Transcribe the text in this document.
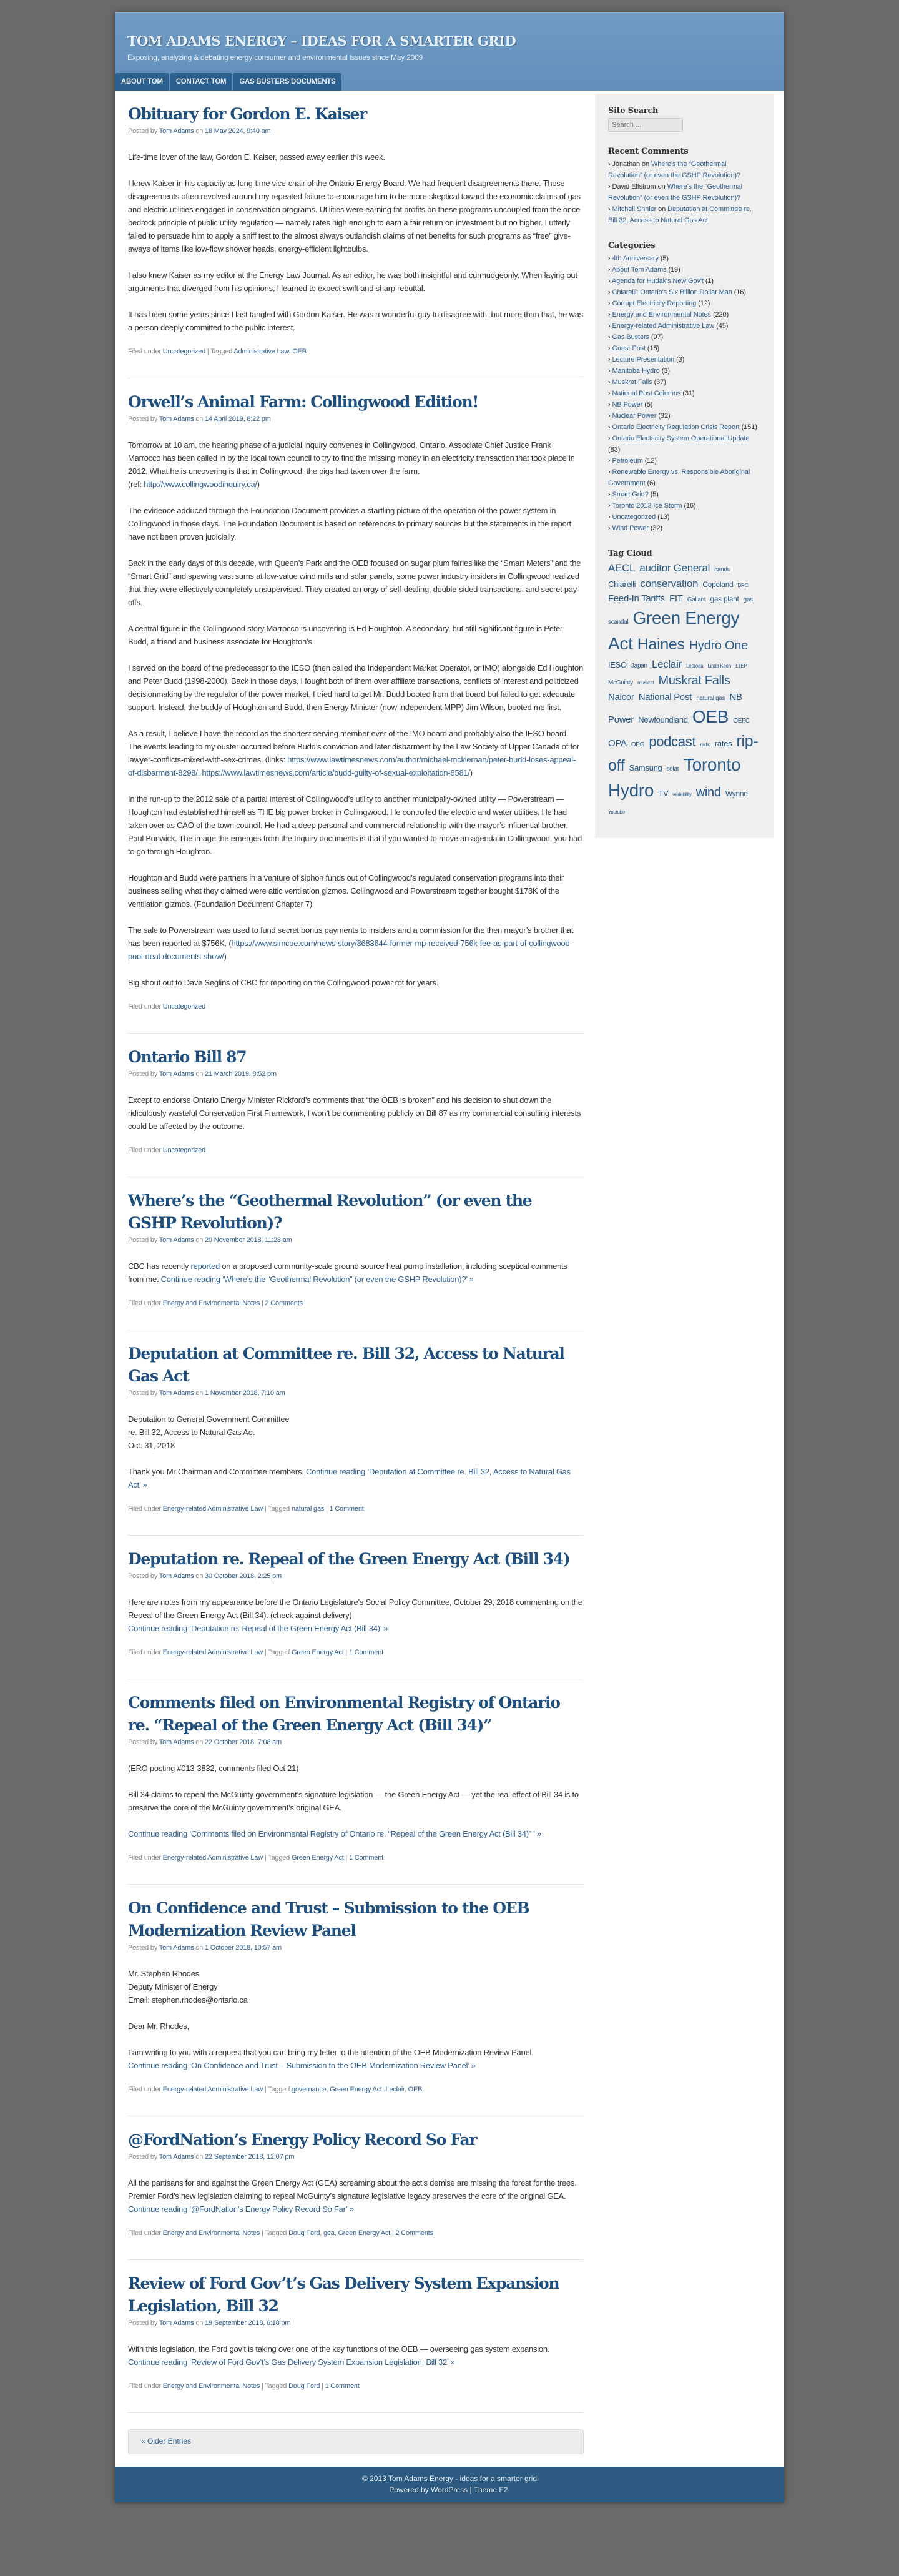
TOM ADAMS ENERGY – IDEAS FOR A SMARTER GRID
Exposing, analyzing & debating energy consumer and environmental issues since May 2009
ABOUT TOM	CONTACT TOM	GAS BUSTERS DOCUMENTS
Obituary for Gordon E. Kaiser
Posted by Tom Adams on 18 May 2024, 9:40 am

Life-time lover of the law, Gordon E. Kaiser, passed away earlier this week.

I knew Kaiser in his capacity as long-time vice-chair of the Ontario Energy Board. We had frequent disagreements there. Those disagreements often revolved around my repeated failure to encourage him to be more skeptical toward the economic claims of gas and electric utilities engaged in conservation programs. Utilities were earning fat profits on these programs uncoupled from the once bedrock principle of public utility regulation — namely rates high enough to earn a fair return on investment but no higher. I utterly failed to persuade him to apply a sniff test to the almost always outlandish claims of net benefits for such programs as “free” give-aways of items like low-flow shower heads, energy-efficient lightbulbs.

I also knew Kaiser as my editor at the Energy Law Journal. As an editor, he was both insightful and curmudgeonly. When laying out arguments that diverged from his opinions, I learned to expect swift and sharp rebuttal.

It has been some years since I last tangled with Gordon Kaiser. He was a wonderful guy to disagree with, but more than that, he was a person deeply committed to the public interest.

Filed under Uncategorized | Tagged Administrative Law, OEB
Orwell’s Animal Farm: Collingwood Edition!
Posted by Tom Adams on 14 April 2019, 8:22 pm

Tomorrow at 10 am, the hearing phase of a judicial inquiry convenes in Collingwood, Ontario. Associate Chief Justice Frank Marrocco has been called in by the local town council to try to find the missing money in an electricity transaction that took place in 2012. What he is uncovering is that in Collingwood, the pigs had taken over the farm.
(ref: http://www.collingwoodinquiry.ca/)

The evidence adduced through the Foundation Document provides a startling picture of the operation of the power system in Collingwood in those days. The Foundation Document is based on references to primary sources but the statements in the report have not been proven judicially.

Back in the early days of this decade, with Queen’s Park and the OEB focused on sugar plum fairies like the “Smart Meters” and the “Smart Grid” and spewing vast sums at low-value wind mills and solar panels, some power industry insiders in Collingwood realized that they were effectively completely unsupervised. They created an orgy of self-dealing, double-sided transactions, and secret pay-offs.

A central figure in the Collingwood story Marrocco is uncovering is Ed Houghton. A secondary, but still significant figure is Peter Budd, a friend and business associate for Houghton’s.

I served on the board of the predecessor to the IESO (then called the Independent Market Operator, or IMO) alongside Ed Houghton and Peter Budd (1998-2000). Back in those days, I fought both of them over affiliate transactions, conflicts of interest and politicized decisionmaking by the regulator of the power market. I tried hard to get Mr. Budd booted from that board but failed to get adequate support. Instead, the buddy of Houghton and Budd, then Energy Minister (now independent MPP) Jim Wilson, booted me first.

As a result, I believe I have the record as the shortest serving member ever of the IMO board and probably also the IESO board.
The events leading to my ouster occurred before Budd’s conviction and later disbarment by the Law Society of Upper Canada of for lawyer-conflicts-mixed-with-sex-crimes. (links: https://www.lawtimesnews.com/author/michael-mckiernan/peter-budd-loses-appeal-of-disbarment-8298/, https://www.lawtimesnews.com/article/budd-guilty-of-sexual-exploitation-8581/)

In the run-up to the 2012 sale of a partial interest of Collingwood’s utility to another municipally-owned utility — Powerstream — Houghton had established himself as THE big power broker in Collingwood. He controlled the electric and water utilities. He had taken over as CAO of the town council. He had a deep personal and commercial relationship with the mayor’s influential brother, Paul Bonwick. The image the emerges from the Inquiry documents is that if you wanted to move an agenda in Collingwood, you had to go through Houghton.

Houghton and Budd were partners in a venture of siphon funds out of Collingwood’s regulated conservation programs into their business selling what they claimed were attic ventilation gizmos. Collingwood and Powerstream together bought $178K of the ventilation gizmos. (Foundation Document Chapter 7)

The sale to Powerstream was used to fund secret bonus payments to insiders and a commission for the then mayor’s brother that has been reported at $756K. (https://www.simcoe.com/news-story/8683644-former-mp-received-756k-fee-as-part-of-collingwood-pool-deal-documents-show/)

Big shout out to Dave Seglins of CBC for reporting on the Collingwood power rot for years.

Filed under Uncategorized
Ontario Bill 87
Posted by Tom Adams on 21 March 2019, 8:52 pm

Except to endorse Ontario Energy Minister Rickford’s comments that “the OEB is broken” and his decision to shut down the ridiculously wasteful Conservation First Framework, I won’t be commenting publicly on Bill 87 as my commercial consulting interests could be affected by the outcome.

Filed under Uncategorized
Where’s the “Geothermal Revolution” (or even the GSHP Revolution)?
Posted by Tom Adams on 20 November 2018, 11:28 am

CBC has recently reported on a proposed community-scale ground source heat pump installation, including sceptical comments from me. Continue reading ‘Where’s the “Geothermal Revolution” (or even the GSHP Revolution)?’ »

Filed under Energy and Environmental Notes | 2 Comments
Deputation at Committee re. Bill 32, Access to Natural Gas Act
Posted by Tom Adams on 1 November 2018, 7:10 am

Deputation to General Government Committee
re. Bill 32, Access to Natural Gas Act
Oct. 31, 2018

Thank you Mr Chairman and Committee members. Continue reading ‘Deputation at Committee re. Bill 32, Access to Natural Gas Act’ »

Filed under Energy-related Administrative Law | Tagged natural gas | 1 Comment
Deputation re. Repeal of the Green Energy Act (Bill 34)
Posted by Tom Adams on 30 October 2018, 2:25 pm

Here are notes from my appearance before the Ontario Legislature’s Social Policy Committee, October 29, 2018 commenting on the Repeal of the Green Energy Act (Bill 34). (check against delivery)
Continue reading ‘Deputation re. Repeal of the Green Energy Act (Bill 34)’ »

Filed under Energy-related Administrative Law | Tagged Green Energy Act | 1 Comment
Comments filed on Environmental Registry of Ontario re. “Repeal of the Green Energy Act (Bill 34)”
Posted by Tom Adams on 22 October 2018, 7:08 am

(ERO posting #013-3832, comments filed Oct 21)

Bill 34 claims to repeal the McGuinty government’s signature legislation — the Green Energy Act — yet the real effect of Bill 34 is to preserve the core of the McGuinty government’s original GEA.

Continue reading ‘Comments filed on Environmental Registry of Ontario re. “Repeal of the Green Energy Act (Bill 34)” ’ »

Filed under Energy-related Administrative Law | Tagged Green Energy Act | 1 Comment
On Confidence and Trust – Submission to the OEB Modernization Review Panel
Posted by Tom Adams on 1 October 2018, 10:57 am

Mr. Stephen Rhodes
Deputy Minister of Energy
Email: stephen.rhodes@ontario.ca

Dear Mr. Rhodes,

I am writing to you with a request that you can bring my letter to the attention of the OEB Modernization Review Panel.
Continue reading ‘On Confidence and Trust – Submission to the OEB Modernization Review Panel’ »

Filed under Energy-related Administrative Law | Tagged governance, Green Energy Act, Leclair, OEB
@FordNation’s Energy Policy Record So Far
Posted by Tom Adams on 22 September 2018, 12:07 pm

All the partisans for and against the Green Energy Act (GEA) screaming about the act’s demise are missing the forest for the trees. Premier Ford’s new legislation claiming to repeal McGuinty’s signature legislative legacy preserves the core of the original GEA. Continue reading ‘@FordNation’s Energy Policy Record So Far’ »

Filed under Energy and Environmental Notes | Tagged Doug Ford, gea, Green Energy Act | 2 Comments
Review of Ford Gov’t’s Gas Delivery System Expansion Legislation, Bill 32
Posted by Tom Adams on 19 September 2018, 6:18 pm

With this legislation, the Ford gov’t is taking over one of the key functions of the OEB — overseeing gas system expansion.
Continue reading ‘Review of Ford Gov’t’s Gas Delivery System Expansion Legislation, Bill 32’ »

Filed under Energy and Environmental Notes | Tagged Doug Ford | 1 Comment
« Older Entries
Site Search
Search ...
Recent Comments
› Jonathan on Where’s the “Geothermal Revolution” (or even the GSHP Revolution)?
› David Elfstrom on Where’s the “Geothermal Revolution” (or even the GSHP Revolution)?
› Mitchell Shnier on Deputation at Committee re. Bill 32, Access to Natural Gas Act
Categories
› 4th Anniversary (5)
› About Tom Adams (19)
› Agenda for Hudak's New Gov't (1)
› Chiarelli: Ontario's Six Billion Dollar Man (16)
› Corrupt Electricity Reporting (12)
› Energy and Environmental Notes (220)
› Energy-related Administrative Law (45)
› Gas Busters (97)
› Guest Post (15)
› Lecture Presentation (3)
› Manitoba Hydro (3)
› Muskrat Falls (37)
› National Post Columns (31)
› NB Power (5)
› Nuclear Power (32)
› Ontario Electricity Regulation Crisis Report (151)
› Ontario Electricity System Operational Update (83)
› Petroleum (12)
› Renewable Energy vs. Responsible Aboriginal Government (6)
› Smart Grid? (5)
› Toronto 2013 Ice Storm (16)
› Uncategorized (13)
› Wind Power (32)
Tag Cloud
AECL auditor General candu Chiarelli conservation Copeland DRC Feed-In Tariffs FIT Gallant gas plant gas scandal Green Energy Act Haines Hydro One IESO Japan Leclair Lepreau Linda Keen LTEP McGuinty muskrat Muskrat Falls Nalcor National Post natural gas NB Power Newfoundland OEB OEFC OPA OPG podcast radio rates rip-off Samsung solar Toronto Hydro TV variability wind Wynne Youtube
© 2013 Tom Adams Energy - ideas for a smarter grid
Powered by WordPress | Theme F2.
